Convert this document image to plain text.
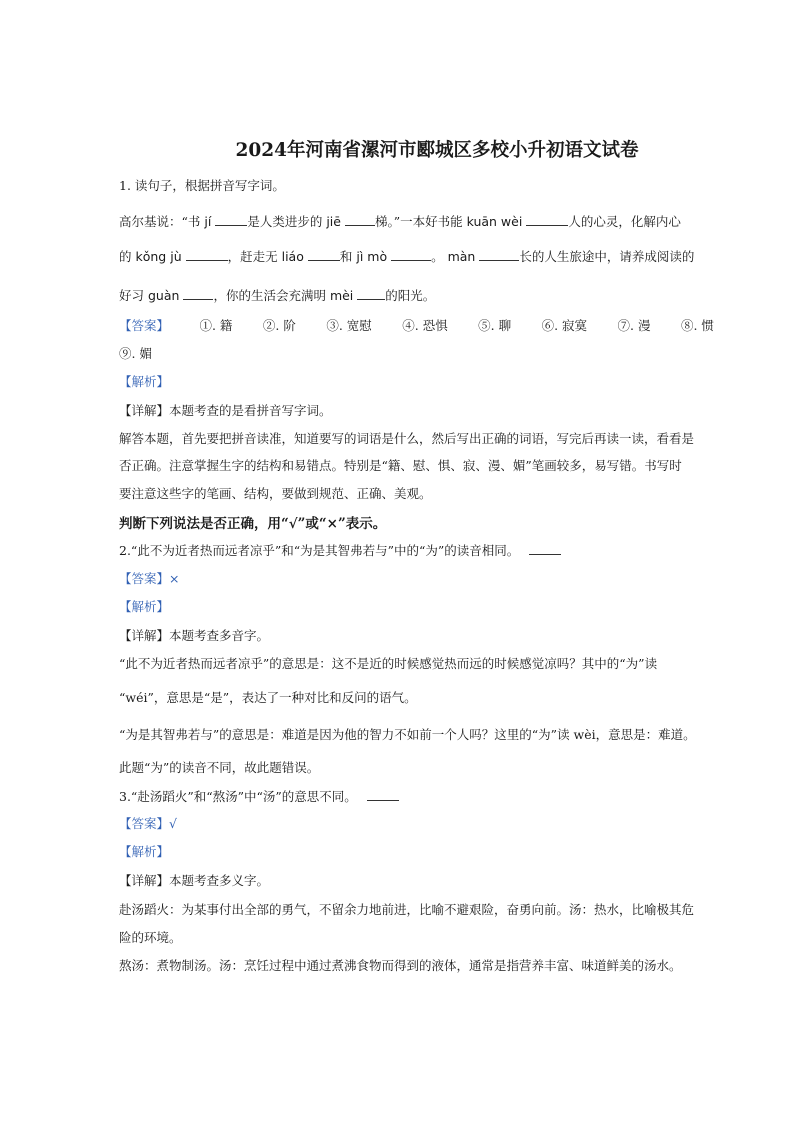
2024年河南省漯河市郾城区多校小升初语文试卷
1. 读句子，根据拼音写字词。
高尔基说：“书 jí	是人类进步的 jiē	梯。”一本好书能 kuān wèi	人的心灵，化解内心
的 kǒng jù	，赶走无 liáo	和 jì mò	。 màn	长的人生旅途中，请养成阅读的
好习 guàn	，你的生活会充满明 mèi	的阳光。
【答案】 ①. 籍 ②. 阶 ③. 宽慰 ④. 恐惧 ⑤. 聊 ⑥. 寂寞 ⑦. 漫 ⑧. 惯
⑨. 媚
【解析】
【详解】本题考查的是看拼音写字词。
解答本题，首先要把拼音读准，知道要写的词语是什么，然后写出正确的词语，写完后再读一读，看看是
否正确。注意掌握生字的结构和易错点。特别是“籍、慰、惧、寂、漫、媚”笔画较多，易写错。书写时
要注意这些字的笔画、结构，要做到规范、正确、美观。
判断下列说法是否正确，用“√”或“×”表示。
2.“此不为近者热而远者凉乎”和“为是其智弗若与”中的“为”的读音相同。
【答案】×
【解析】
【详解】本题考查多音字。
“此不为近者热而远者凉乎”的意思是：这不是近的时候感觉热而远的时候感觉凉吗？其中的“为”读
“wéi”，意思是“是”，表达了一种对比和反问的语气。
“为是其智弗若与”的意思是：难道是因为他的智力不如前一个人吗？这里的“为”读 wèi，意思是：难道。
此题“为”的读音不同，故此题错误。
3.“赴汤蹈火”和“熬汤”中“汤”的意思不同。
【答案】√
【解析】
【详解】本题考查多义字。
赴汤蹈火：为某事付出全部的勇气，不留余力地前进，比喻不避艰险，奋勇向前。汤：热水，比喻极其危
险的环境。
熬汤：煮物制汤。汤：烹饪过程中通过煮沸食物而得到的液体，通常是指营养丰富、味道鲜美的汤水。
